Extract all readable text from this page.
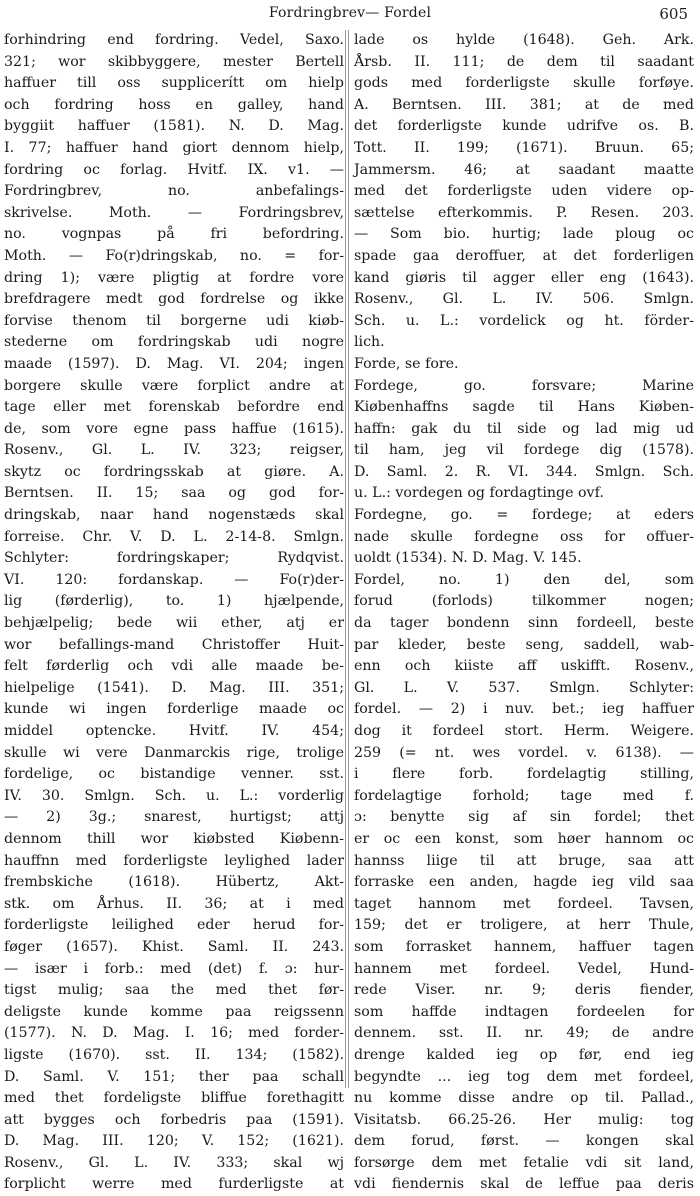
Fordringbrev— Fordel	605
forhindring end fordring. Vedel, Saxo.
321; wor skibbyggere, mester Bertell
haffuer till oss supplicerítt om hielp
och fordring hoss en galley, hand
byggiit haffuer (1581). N. D. Mag.
I. 77; haffuer hand giort dennom hielp,
fordring oc forlag. Hvitf. IX. v1. —
Fordringbrev, no. anbefalings-
skrivelse. Moth. — Fordringsbrev,
no. vognpas på fri befordring.
Moth. — Fo(r)dringskab, no. = for-
dring 1); være pligtig at fordre vore
brefdragere medt god fordrelse og ikke
forvise thenom til borgerne udi kiøb-
stederne om fordringskab udi nogre
maade (1597). D. Mag. VI. 204; ingen
borgere skulle være forplict andre at
tage eller met forenskab befordre end
de, som vore egne pass haffue (1615).
Rosenv., Gl. L. IV. 323; reigser,
skytz oc fordringsskab at giøre. A.
Berntsen. II. 15; saa og god for-
dringskab, naar hand nogenstæds skal
forreise. Chr. V. D. L. 2-14-8. Smlgn.
Schlyter: fordringskaper; Rydqvist.
VI. 120: fordanskap. — Fo(r)der-
lig (førderlig), to. 1) hjælpende,
behjælpelig; bede wii ether, atj er
wor befallings-mand Christoffer Huit-
felt førderlig och vdi alle maade be-
hielpelige (1541). D. Mag. III. 351;
kunde wi ingen forderlige maade oc
middel optencke. Hvitf. IV. 454;
skulle wi vere Danmarckis rige, trolige
fordelige, oc bistandige venner. sst.
IV. 30. Smlgn. Sch. u. L.: vorderlig
— 2) 3g.; snarest, hurtigst; attj
dennom thill wor kiøbsted Kiøbenn-
hauffnn med forderligste leylighed lader
frembskiche (1618). Hübertz, Akt-
stk. om Århus. II. 36; at i med
forderligste leilighed eder herud for-
føger (1657). Khist. Saml. II. 243.
— især i forb.: med (det) f. ɔ: hur-
tigst mulig; saa the med thet før-
deligste kunde komme paa reigssenn
(1577). N. D. Mag. I. 16; med forder-
ligste (1670). sst. II. 134; (1582).
D. Saml. V. 151; ther paa schall
med thet fordeligste bliffue forethagitt
att bygges och forbedris paa (1591).
D. Mag. III. 120; V. 152; (1621).
Rosenv., Gl. L. IV. 333; skal wj
forplicht werre med furderligste at
lade os hylde (1648). Geh. Ark.
Årsb. II. 111; de dem til saadant
gods med forderligste skulle forføye.
A. Berntsen. III. 381; at de med
det forderligste kunde udrifve os. B.
Tott. II. 199; (1671). Bruun. 65;
Jammersm. 46; at saadant maatte
med det forderligste uden videre op-
sættelse efterkommis. P. Resen. 203.
— Som bio. hurtig; lade ploug oc
spade gaa deroffuer, at det forderligen
kand giøris til agger eller eng (1643).
Rosenv., Gl. L. IV. 506. Smlgn.
Sch. u. L.: vordelick og ht. förder-
lich.
Forde, se fore.
Fordege, go. forsvare; Marine
Kiøbenhaffns sagde til Hans Kiøben-
haffn: gak du til side og lad mig ud
til ham, jeg vil fordege dig (1578).
D. Saml. 2. R. VI. 344. Smlgn. Sch.
u. L.: vordegen og fordagtinge ovf.
Fordegne, go. = fordege; at eders
nade skulle fordegne oss for offuer-
uoldt (1534). N. D. Mag. V. 145.
Fordel, no. 1) den del, som
forud (forlods) tilkommer nogen;
da tager bondenn sinn fordeell, beste
par kleder, beste seng, saddell, wab-
enn och kiiste aff uskifft. Rosenv.,
Gl. L. V. 537. Smlgn. Schlyter:
fordel. — 2) i nuv. bet.; ieg haffuer
dog it fordeel stort. Herm. Weigere.
259 (= nt. wes vordel. v. 6138). —
i flere forb. fordelagtig stilling,
fordelagtige forhold; tage med f.
ɔ: benytte sig af sin fordel; thet
er oc een konst, som høer hannom oc
hannss liige til att bruge, saa att
forraske een anden, hagde ieg vild saa
taget hannom met fordeel. Tavsen,
159; det er troligere, at herr Thule,
som forrasket hannem, haffuer tagen
hannem met fordeel. Vedel, Hund-
rede Viser. nr. 9; deris fiender,
som haffde indtagen fordeelen for
dennem. sst. II. nr. 49; de andre
drenge kalded ieg op før, end ieg
begyndte ... ieg tog dem met fordeel,
nu komme disse andre op til. Pallad.,
Visitatsb. 66.25-26. Her mulig: tog
dem forud, først. — kongen skal
forsørge dem met fetalie vdi sit land,
vdi fiendernis skal de leffue paa deris
